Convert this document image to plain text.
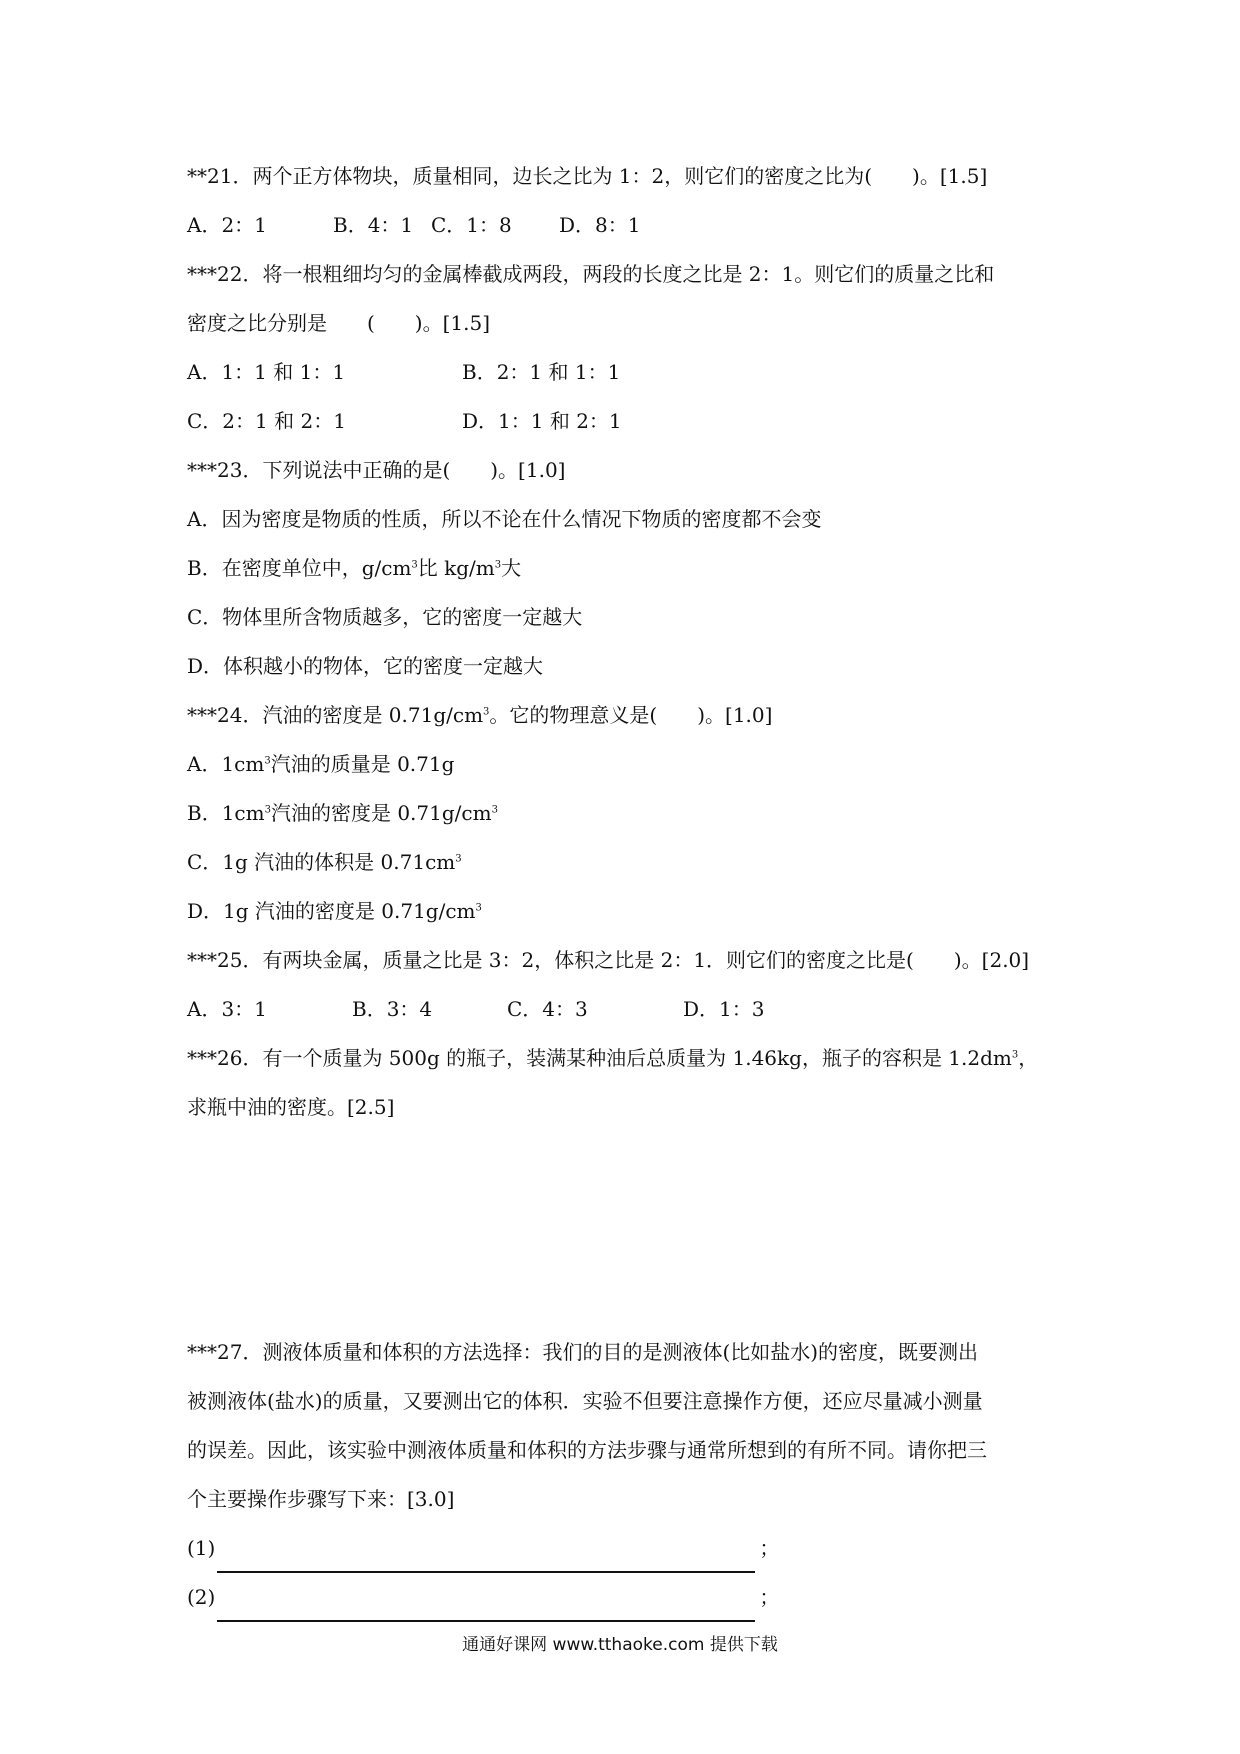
**21．两个正方体物块，质量相同，边长之比为 1：2，则它们的密度之比为(　　)。[1.5]
A．2：1	B．4：1 C．1：8	D．8：1
***22．将一根粗细均匀的金属棒截成两段，两段的长度之比是 2：1。则它们的质量之比和
密度之比分别是　　(　　)。[1.5]
A．1：1 和 1：1	B．2：1 和 1：1
C．2：1 和 2：1	D．1：1 和 2：1
***23．下列说法中正确的是(　　)。[1.0]
A．因为密度是物质的性质，所以不论在什么情况下物质的密度都不会变
B．在密度单位中，$g/cm^3$比 $kg/m^3$大
C．物体里所含物质越多，它的密度一定越大
D．体积越小的物体，它的密度一定越大
***24．汽油的密度是 $0.71g/cm^3$。它的物理意义是(　　)。[1.0]
A．$1cm^3$汽油的质量是 0.71g
B．$1cm^3$汽油的密度是 $0.71g/cm^3$
C．1g 汽油的体积是 $0.71cm^3$
D．1g 汽油的密度是 $0.71g/cm^3$
***25．有两块金属，质量之比是 3：2，体积之比是 2：1．则它们的密度之比是(　　)。[2.0]
A．3：1	B．3：4	C．4：3	D．1：3
***26．有一个质量为 500g 的瓶子，装满某种油后总质量为 1.46kg，瓶子的容积是 $1.2dm^3$，
求瓶中油的密度。[2.5]
***27．测液体质量和体积的方法选择：我们的目的是测液体(比如盐水)的密度，既要测出
被测液体(盐水)的质量，又要测出它的体积．实验不但要注意操作方便，还应尽量减小测量
的误差。因此，该实验中测液体质量和体积的方法步骤与通常所想到的有所不同。请你把三
个主要操作步骤写下来：[3.0]
(1)	；
(2)	；
通通好课网 www.tthaoke.com 提供下载
